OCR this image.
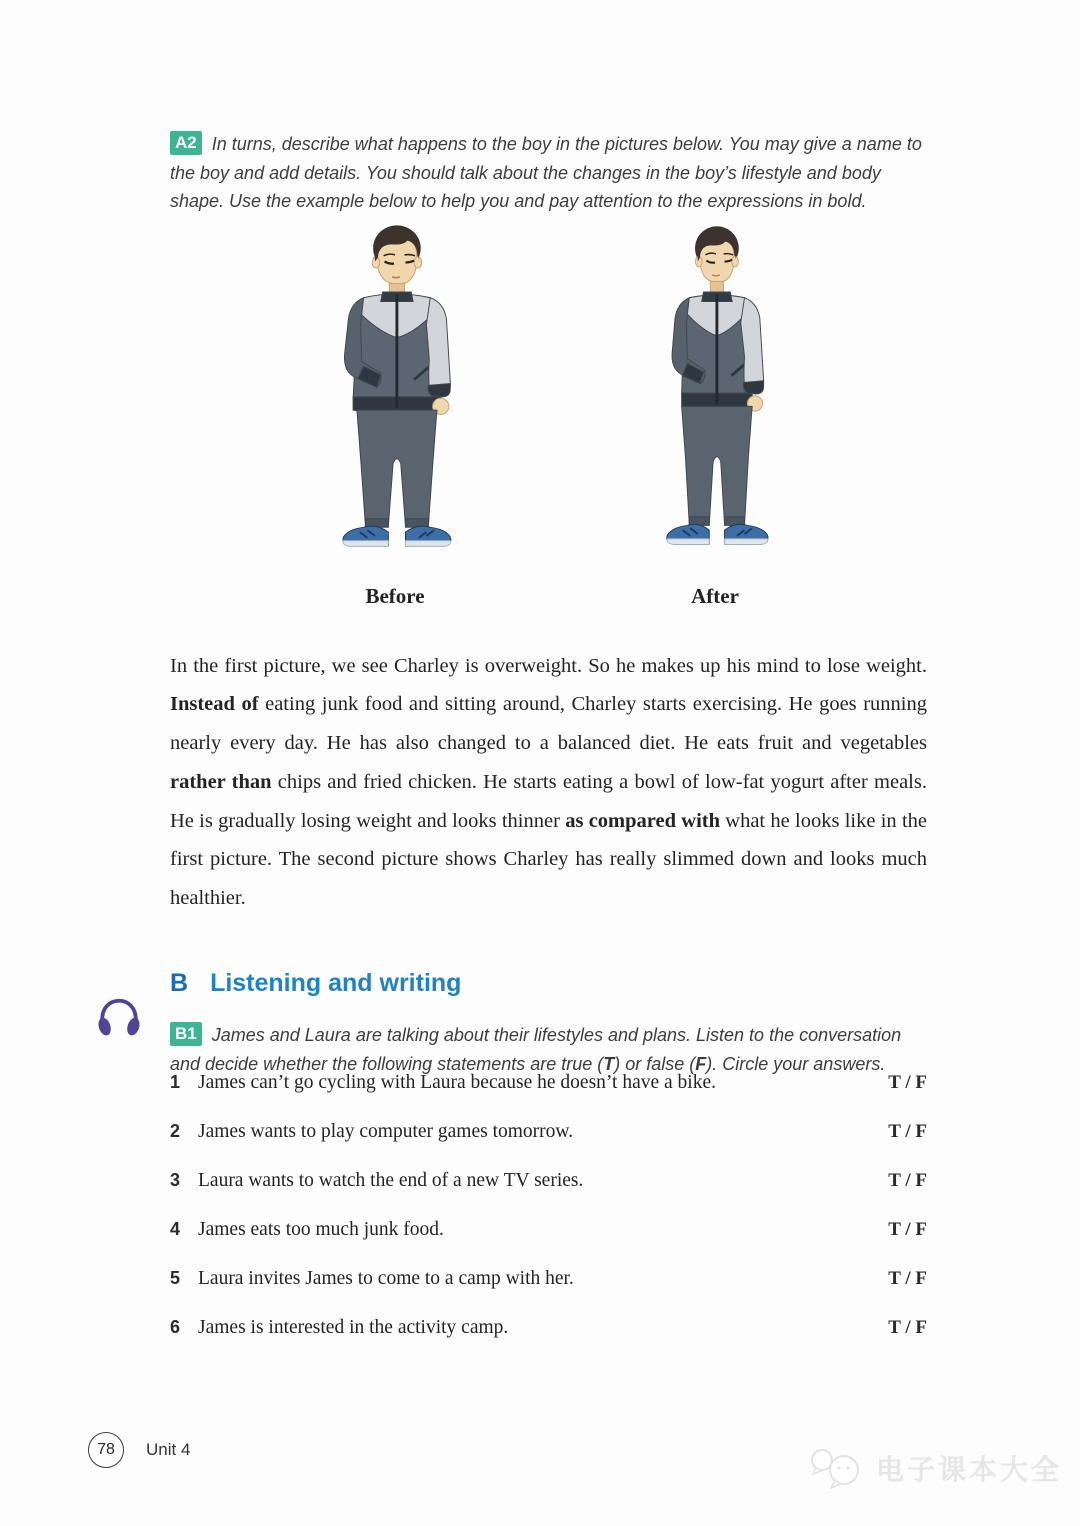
A2 In turns, describe what happens to the boy in the pictures below. You may give a name to the boy and add details. You should talk about the changes in the boy’s lifestyle and body shape. Use the example below to help you and pay attention to the expressions in bold.

Before	After

In the first picture, we see Charley is overweight. So he makes up his mind to lose weight. Instead of eating junk food and sitting around, Charley starts exercising. He goes running nearly every day. He has also changed to a balanced diet. He eats fruit and vegetables rather than chips and fried chicken. He starts eating a bowl of low-fat yogurt after meals. He is gradually losing weight and looks thinner as compared with what he looks like in the first picture. The second picture shows Charley has really slimmed down and looks much healthier.

B Listening and writing

B1 James and Laura are talking about their lifestyles and plans. Listen to the conversation and decide whether the following statements are true (T) or false (F). Circle your answers.

1 James can’t go cycling with Laura because he doesn’t have a bike.	T / F
2 James wants to play computer games tomorrow.	T / F
3 Laura wants to watch the end of a new TV series.	T / F
4 James eats too much junk food.	T / F
5 Laura invites James to come to a camp with her.	T / F
6 James is interested in the activity camp.	T / F
78 Unit 4
电子课本大全
